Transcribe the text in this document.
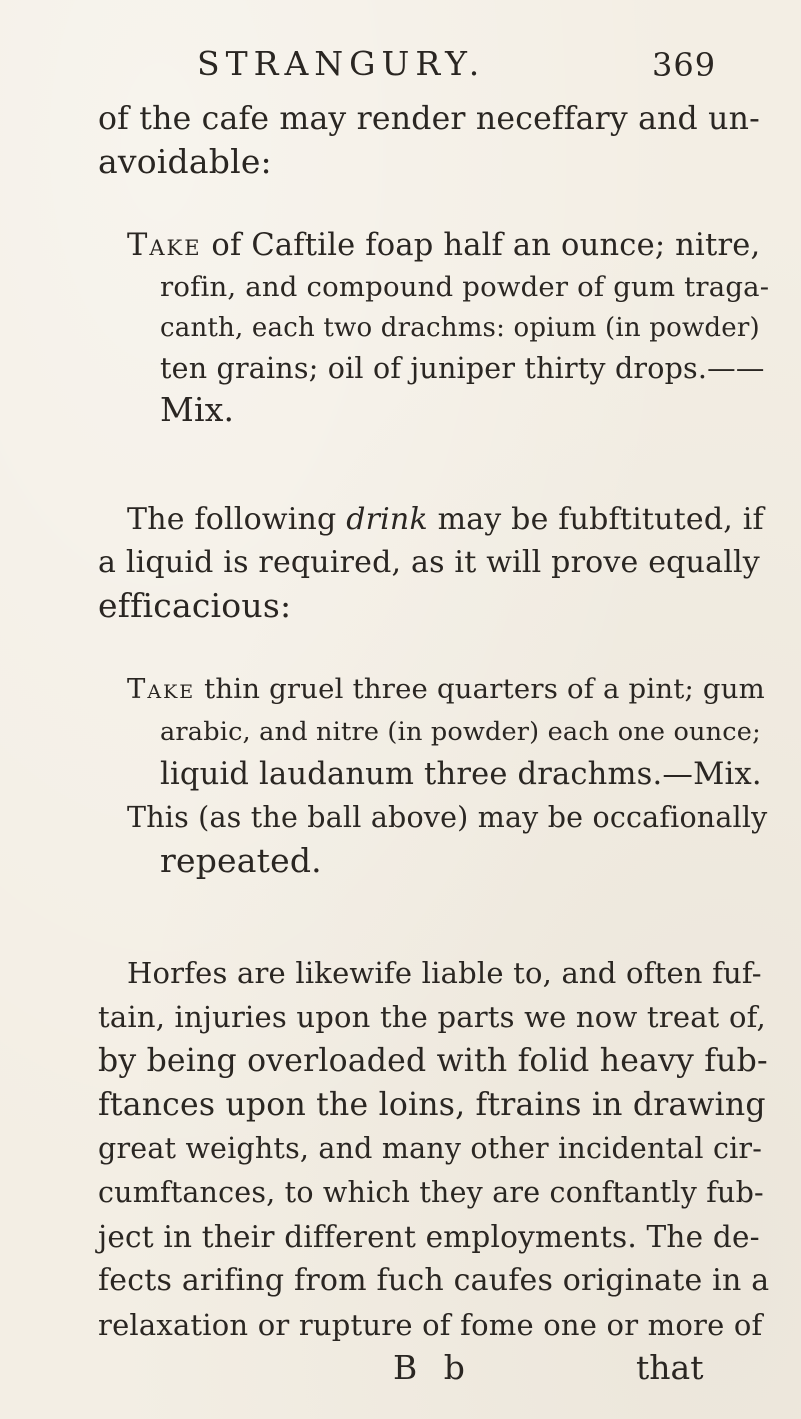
STRANGURY.	369
of the cafe may render neceffary and un-
avoidable:
Take of Caftile foap half an ounce; nitre,
rofin, and compound powder of gum traga-
canth, each two drachms: opium (in powder)
ten grains; oil of juniper thirty drops.——
Mix.
The following drink may be fubftituted, if
a liquid is required, as it will prove equally
efficacious:
Take thin gruel three quarters of a pint; gum
arabic, and nitre (in powder) each one ounce;
liquid laudanum three drachms.—Mix.
This (as the ball above) may be occafionally
repeated.
Horfes are likewife liable to, and often fuf-
tain, injuries upon the parts we now treat of,
by being overloaded with folid heavy fub-
ftances upon the loins, ftrains in drawing
great weights, and many other incidental cir-
cumftances, to which they are conftantly fub-
ject in their different employments. The de-
fects arifing from fuch caufes originate in a
relaxation or rupture of fome one or more of
B b	that
